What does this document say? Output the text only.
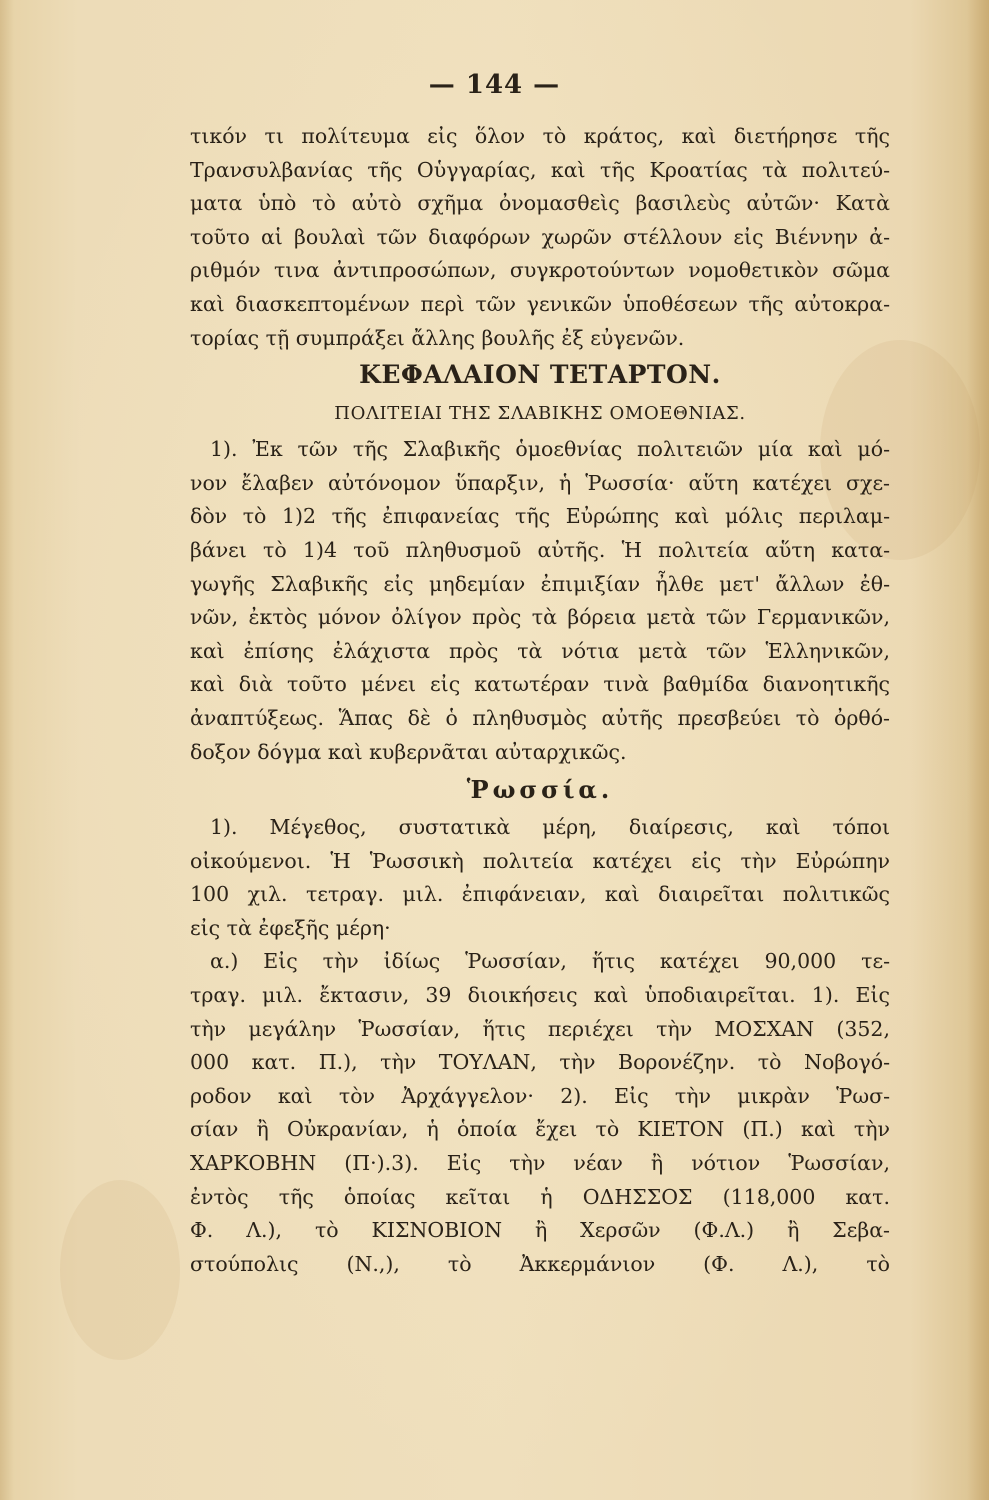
— 144 —
τικόν τι πολίτευμα εἰς ὅλον τὸ κράτος, καὶ διετήρησε τῆς
Τρανσυλβανίας τῆς Οὑγγαρίας, καὶ τῆς Κροατίας τὰ πολιτεύ-
ματα ὑπὸ τὸ αὐτὸ σχῆμα ὀνομασθεὶς βασιλεὺς αὐτῶν· Κατὰ
τοῦτο αἱ βουλαὶ τῶν διαφόρων χωρῶν στέλλουν εἰς Βιέννην ἀ-
ριθμόν τινα ἀντιπροσώπων, συγκροτούντων νομοθετικὸν σῶμα
καὶ διασκεπτομένων περὶ τῶν γενικῶν ὑποθέσεων τῆς αὐτοκρα-
τορίας τῇ συμπράξει ἄλλης βουλῆς ἐξ εὐγενῶν.
ΚΕΦΑΛΑΙΟΝ ΤΕΤΑΡΤΟΝ.
ΠΟΛΙΤΕΙΑΙ ΤΗΣ ΣΛΑΒΙΚΗΣ ΟΜΟΕΘΝΙΑΣ.
1). Ἐκ τῶν τῆς Σλαβικῆς ὁμοεθνίας πολιτειῶν μία καὶ μό-
νον ἔλαβεν αὐτόνομον ὕπαρξιν, ἡ Ῥωσσία· αὕτη κατέχει σχε-
δὸν τὸ 1)2 τῆς ἐπιφανείας τῆς Εὐρώπης καὶ μόλις περιλαμ-
βάνει τὸ 1)4 τοῦ πληθυσμοῦ αὐτῆς. Ἡ πολιτεία αὕτη κατα-
γωγῆς Σλαβικῆς εἰς μηδεμίαν ἐπιμιξίαν ἦλθε μετ' ἄλλων ἐθ-
νῶν, ἐκτὸς μόνον ὀλίγον πρὸς τὰ βόρεια μετὰ τῶν Γερμανικῶν,
καὶ ἐπίσης ἐλάχιστα πρὸς τὰ νότια μετὰ τῶν Ἑλληνικῶν,
καὶ διὰ τοῦτο μένει εἰς κατωτέραν τινὰ βαθμίδα διανοητικῆς
ἀναπτύξεως. Ἅπας δὲ ὁ πληθυσμὸς αὐτῆς πρεσβεύει τὸ ὀρθό-
δοξον δόγμα καὶ κυβερνᾶται αὐταρχικῶς.
Ῥωσσία.
1). Μέγεθος, συστατικὰ μέρη, διαίρεσις, καὶ τόποι
οἰκούμενοι. Ἡ Ῥωσσικὴ πολιτεία κατέχει εἰς τὴν Εὐρώπην
100 χιλ. τετραγ. μιλ. ἐπιφάνειαν, καὶ διαιρεῖται πολιτικῶς
εἰς τὰ ἐφεξῆς μέρη·
α.) Εἰς τὴν ἰδίως Ῥωσσίαν, ἥτις κατέχει 90,000 τε-
τραγ. μιλ. ἔκτασιν, 39 διοικήσεις καὶ ὑποδιαιρεῖται. 1). Εἰς
τὴν μεγάλην Ῥωσσίαν, ἥτις περιέχει τὴν ΜΟΣΧΑΝ (352,
000 κατ. Π.), τὴν ΤΟΥΛΑΝ, τὴν Βορονέζην. τὸ Νοβογό-
ροδον καὶ τὸν Ἀρχάγγελον· 2). Εἰς τὴν μικρὰν Ῥωσ-
σίαν ἢ Οὐκρανίαν, ἡ ὁποία ἔχει τὸ ΚΙΕΤΟΝ (Π.) καὶ τὴν
ΧΑΡΚΟΒΗΝ (Π·).3). Εἰς τὴν νέαν ἢ νότιον Ῥωσσίαν,
ἐντὸς τῆς ὁποίας κεῖται ἡ ΟΔΗΣΣΟΣ (118,000 κατ.
Φ. Λ.), τὸ ΚΙΣΝΟΒΙΟΝ ἢ Χερσῶν (Φ.Λ.) ἢ Σεβα-
στούπολις (Ν.,), τὸ Ἀκκερμάνιον (Φ. Λ.), τὸ
